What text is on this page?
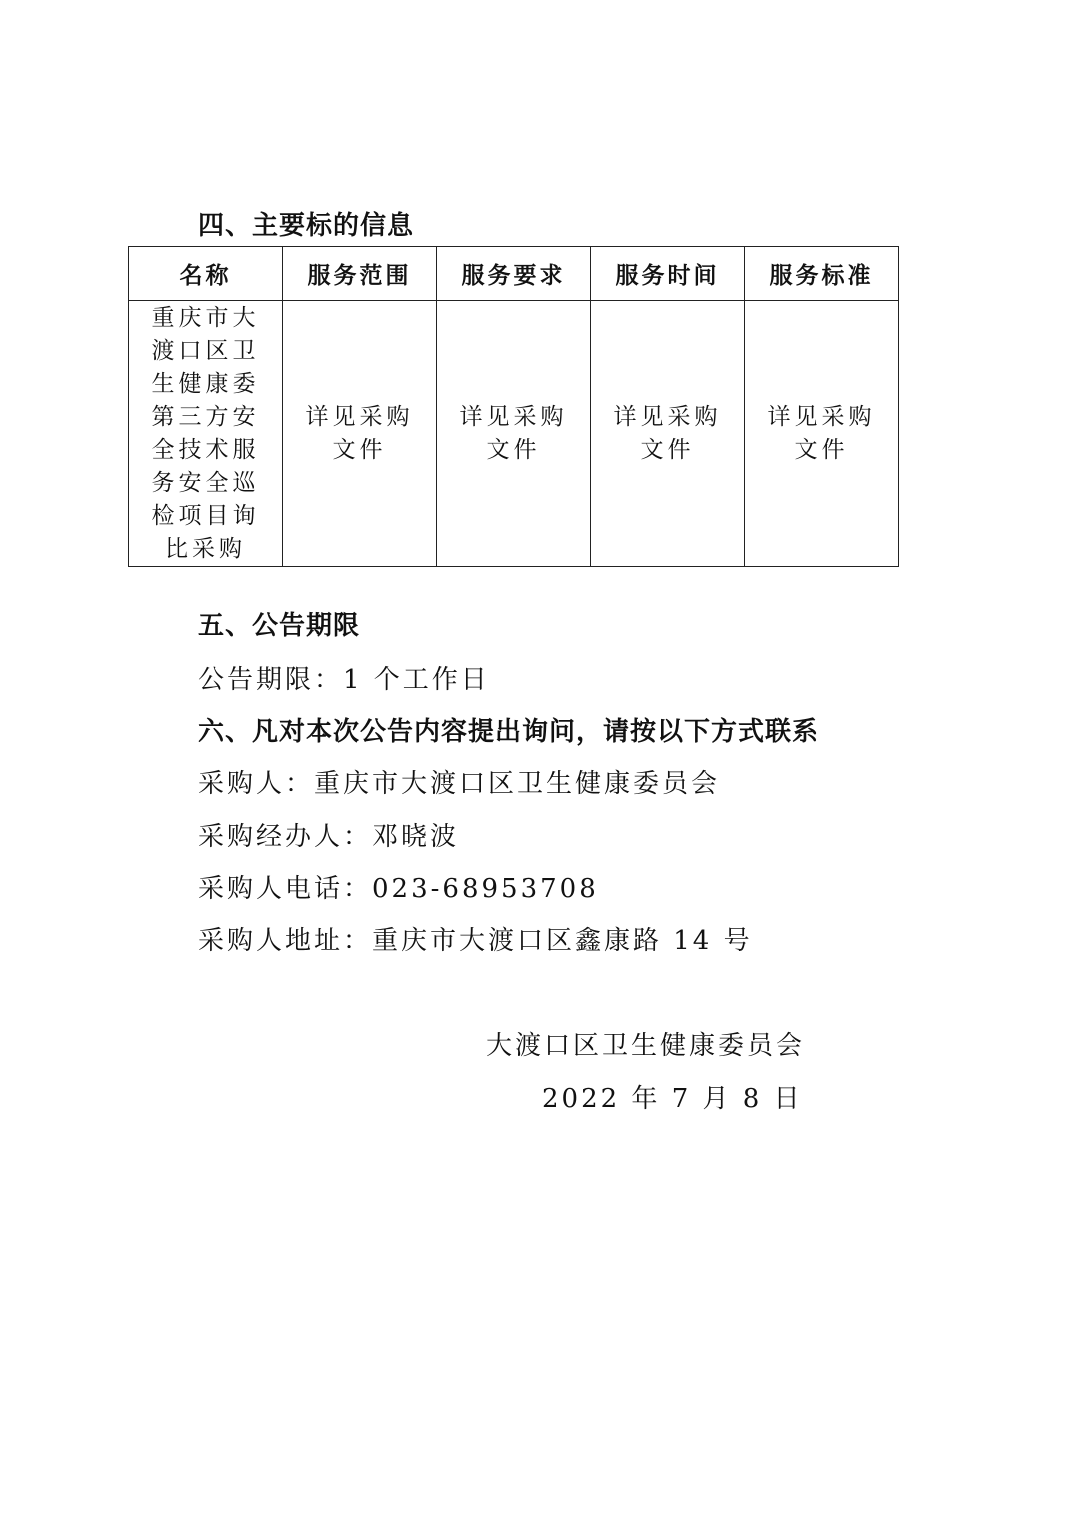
四、主要标的信息
名称	服务范围	服务要求	服务时间	服务标准
重庆市大渡口区卫生健康委第三方安全技术服务安全巡检项目询比采购	详见采购文件	详见采购文件	详见采购文件	详见采购文件
五、公告期限
公告期限：1 个工作日
六、凡对本次公告内容提出询问，请按以下方式联系
采购人：重庆市大渡口区卫生健康委员会
采购经办人：邓晓波
采购人电话：023-68953708
采购人地址：重庆市大渡口区鑫康路 14 号
大渡口区卫生健康委员会
2022 年 7 月 8 日
